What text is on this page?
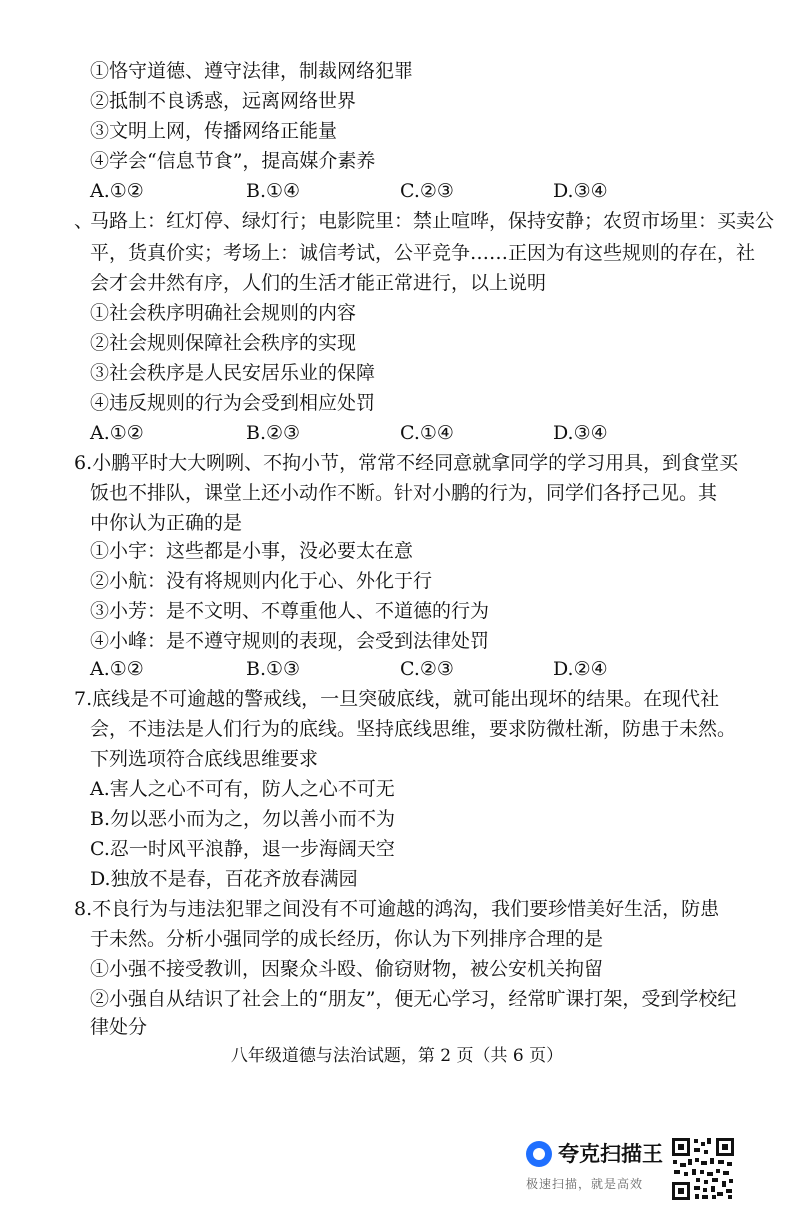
①恪守道德、遵守法律，制裁网络犯罪
②抵制不良诱惑，远离网络世界
③文明上网，传播网络正能量
④学会“信息节食”，提高媒介素养
A.①②	B.①④	C.②③	D.③④
、
马路上：红灯停、绿灯行；电影院里：禁止喧哗，保持安静；农贸市场里：买卖公
平，货真价实；考场上：诚信考试，公平竞争……正因为有这些规则的存在，社
会才会井然有序，人们的生活才能正常进行，以上说明
①社会秩序明确社会规则的内容
②社会规则保障社会秩序的实现
③社会秩序是人民安居乐业的保障
④违反规则的行为会受到相应处罚
A.①②	B.②③	C.①④	D.③④
6.小鹏平时大大咧咧、不拘小节，常常不经同意就拿同学的学习用具，到食堂买
饭也不排队，课堂上还小动作不断。针对小鹏的行为，同学们各抒己见。其
中你认为正确的是
①小宇：这些都是小事，没必要太在意
②小航：没有将规则内化于心、外化于行
③小芳：是不文明、不尊重他人、不道德的行为
④小峰：是不遵守规则的表现，会受到法律处罚
A.①②	B.①③	C.②③	D.②④
7.底线是不可逾越的警戒线，一旦突破底线，就可能出现坏的结果。在现代社
会，不违法是人们行为的底线。坚持底线思维，要求防微杜渐，防患于未然。
下列选项符合底线思维要求
A.害人之心不可有，防人之心不可无
B.勿以恶小而为之，勿以善小而不为
C.忍一时风平浪静，退一步海阔天空
D.独放不是春，百花齐放春满园
8.不良行为与违法犯罪之间没有不可逾越的鸿沟，我们要珍惜美好生活，防患
于未然。分析小强同学的成长经历，你认为下列排序合理的是
①小强不接受教训，因聚众斗殴、偷窃财物，被公安机关拘留
②小强自从结识了社会上的“朋友”，便无心学习，经常旷课打架，受到学校纪
律处分
八年级道德与法治试题，第 2 页（共 6 页）
夸克扫描王
极速扫描，就是高效
